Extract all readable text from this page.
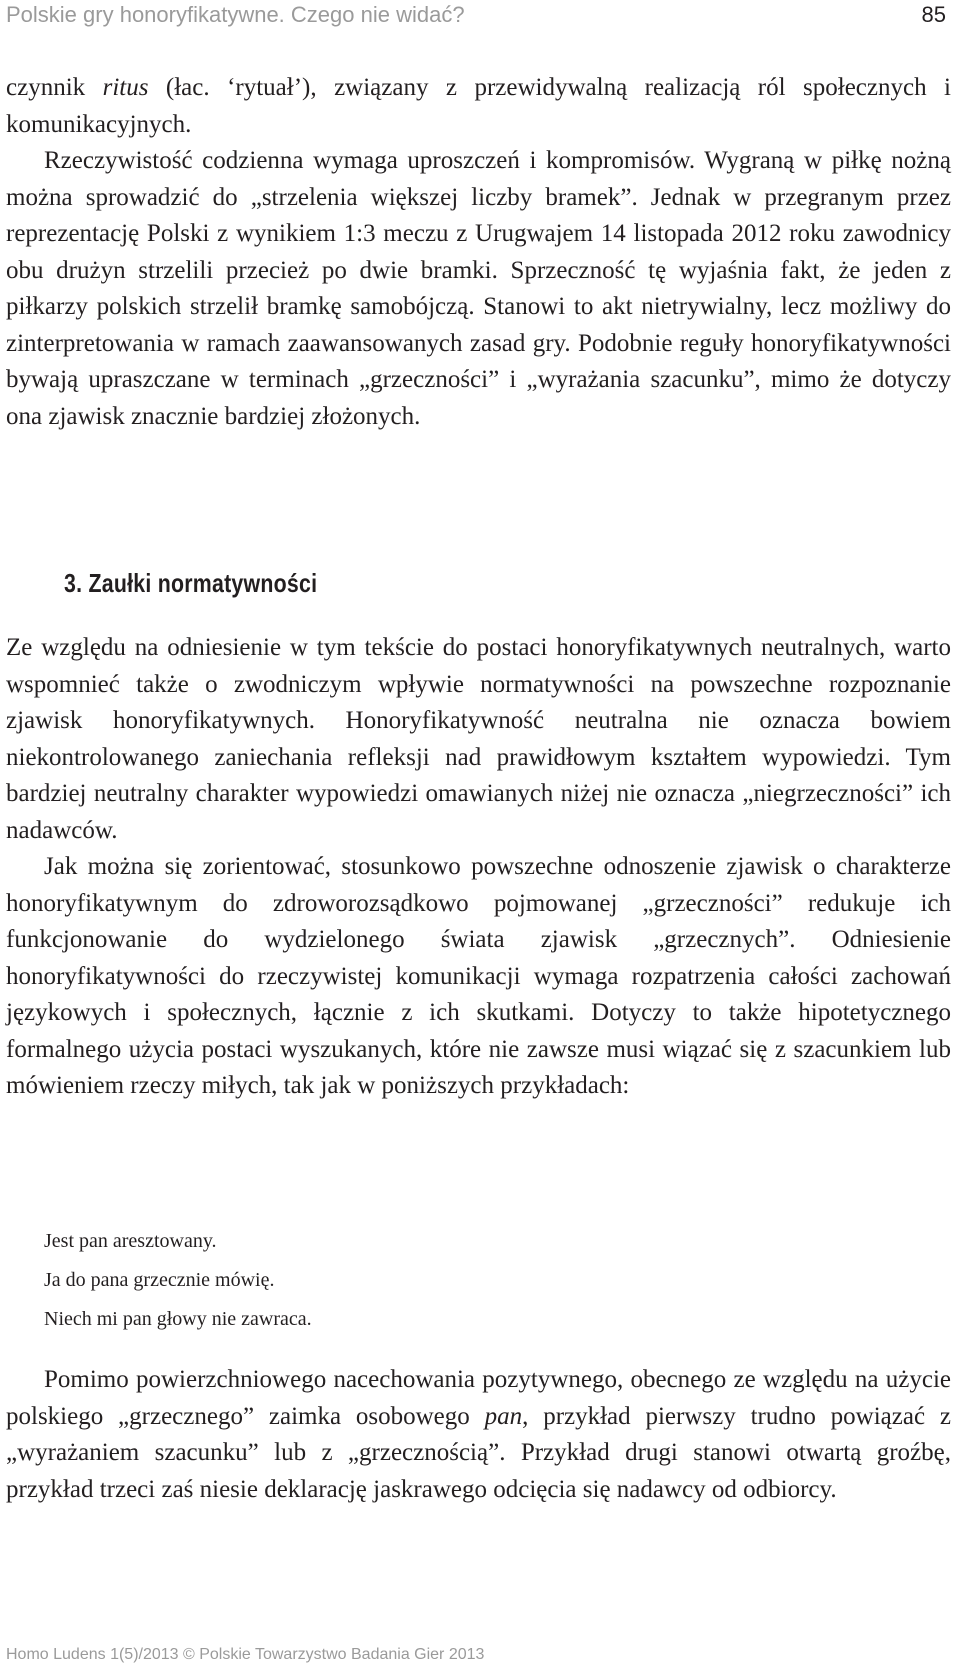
Polskie gry honoryfikatywne. Czego nie widać?	85

czynnik ritus (łac. ‘rytuał’), związany z przewidywalną realizacją ról społecznych i komunikacyjnych.

Rzeczywistość codzienna wymaga uproszczeń i kompromisów. Wygraną w piłkę nożną można sprowadzić do „strzelenia większej liczby bramek”. Jednak w przegranym przez reprezentację Polski z wynikiem 1:3 meczu z Urugwajem 14 listopada 2012 roku zawodnicy obu drużyn strzelili przecież po dwie bramki. Sprzeczność tę wyjaśnia fakt, że jeden z piłkarzy polskich strzelił bramkę samobójczą. Stanowi to akt nietrywialny, lecz możliwy do zinterpretowania w ramach zaawansowanych zasad gry. Podobnie reguły honoryfikatywności bywają upraszczane w terminach „grzeczności” i „wyrażania szacunku”, mimo że dotyczy ona zjawisk znacznie bardziej złożonych.

3. Zaułki normatywności

Ze względu na odniesienie w tym tekście do postaci honoryfikatywnych neutralnych, warto wspomnieć także o zwodniczym wpływie normatywności na powszechne rozpoznanie zjawisk honoryfikatywnych. Honoryfikatywność neutralna nie oznacza bowiem niekontrolowanego zaniechania refleksji nad prawidłowym kształtem wypowiedzi. Tym bardziej neutralny charakter wypowiedzi omawianych niżej nie oznacza „niegrzeczności” ich nadawców.

Jak można się zorientować, stosunkowo powszechne odnoszenie zjawisk o charakterze honoryfikatywnym do zdroworozsądkowo pojmowanej „grzeczności” redukuje ich funkcjonowanie do wydzielonego świata zjawisk „grzecznych”. Odniesienie honoryfikatywności do rzeczywistej komunikacji wymaga rozpatrzenia całości zachowań językowych i społecznych, łącznie z ich skutkami. Dotyczy to także hipotetycznego formalnego użycia postaci wyszukanych, które nie zawsze musi wiązać się z szacunkiem lub mówieniem rzeczy miłych, tak jak w poniższych przykładach:

Jest pan aresztowany.
Ja do pana grzecznie mówię.
Niech mi pan głowy nie zawraca.

Pomimo powierzchniowego nacechowania pozytywnego, obecnego ze względu na użycie polskiego „grzecznego” zaimka osobowego pan, przykład pierwszy trudno powiązać z „wyrażaniem szacunku” lub z „grzecznością”. Przykład drugi stanowi otwartą groźbę, przykład trzeci zaś niesie deklarację jaskrawego odcięcia się nadawcy od odbiorcy.

Homo Ludens 1(5)/2013 © Polskie Towarzystwo Badania Gier 2013
